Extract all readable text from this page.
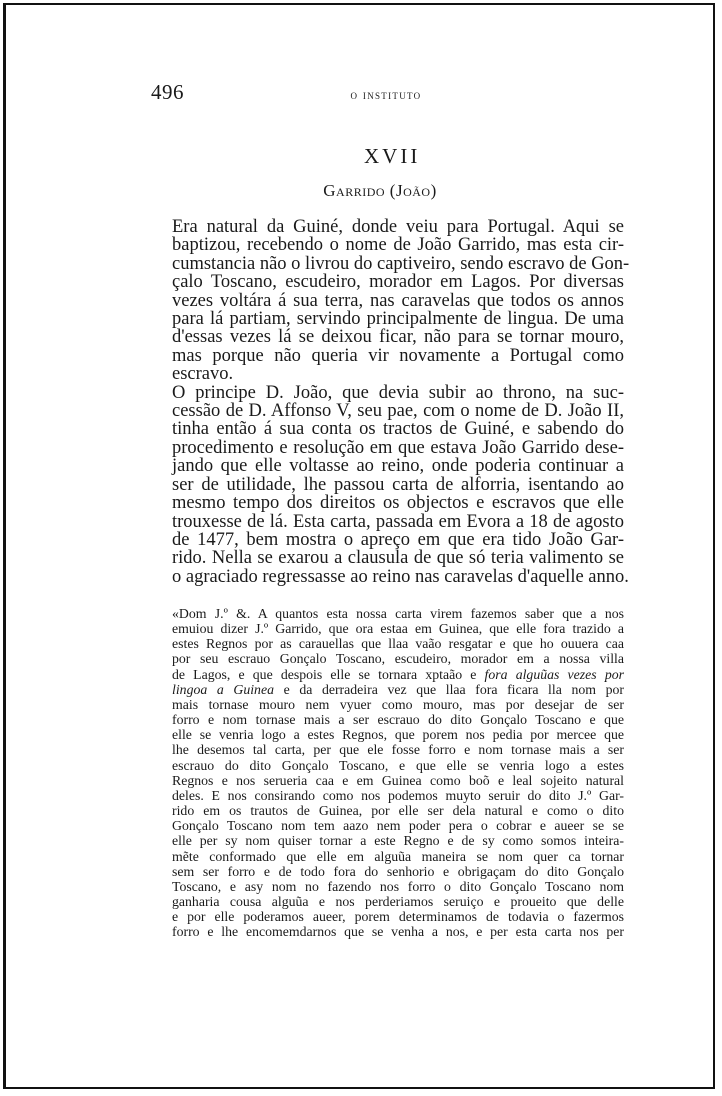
496	o instituto
XVII
Garrido (João)

Era natural da Guiné, donde veiu para Portugal. Aqui se
baptizou, recebendo o nome de João Garrido, mas esta cir-
cumstancia não o livrou do captiveiro, sendo escravo de Gon-
çalo Toscano, escudeiro, morador em Lagos. Por diversas
vezes voltára á sua terra, nas caravelas que todos os annos
para lá partiam, servindo principalmente de lingua. De uma
d'essas vezes lá se deixou ficar, não para se tornar mouro,
mas porque não queria vir novamente a Portugal como
escravo.

O principe D. João, que devia subir ao throno, na suc-
cessão de D. Affonso V, seu pae, com o nome de D. João II,
tinha então á sua conta os tractos de Guiné, e sabendo do
procedimento e resolução em que estava João Garrido dese-
jando que elle voltasse ao reino, onde poderia continuar a
ser de utilidade, lhe passou carta de alforria, isentando ao
mesmo tempo dos direitos os objectos e escravos que elle
trouxesse de lá. Esta carta, passada em Evora a 18 de agosto
de 1477, bem mostra o apreço em que era tido João Gar-
rido. Nella se exarou a clausula de que só teria valimento se
o agraciado regressasse ao reino nas caravelas d'aquelle anno.

«Dom J.º &. A quantos esta nossa carta virem fazemos saber que a nos
emuiou dizer J.º Garrido, que ora estaa em Guinea, que elle fora trazido a
estes Regnos por as carauellas que llaa vaão resgatar e que ho ouuera caa
por seu escrauo Gonçalo Toscano, escudeiro, morador em a nossa villa
de Lagos, e que despois elle se tornara xptaão e fora alguũas vezes por
lingoa a Guinea e da derradeira vez que llaa fora ficara lla nom por
mais tornase mouro nem vyuer como mouro, mas por desejar de ser
forro e nom tornase mais a ser escrauo do dito Gonçalo Toscano e que
elle se venria logo a estes Regnos, que porem nos pedia por mercee que
lhe desemos tal carta, per que ele fosse forro e nom tornase mais a ser
escrauo do dito Gonçalo Toscano, e que elle se venria logo a estes
Regnos e nos serueria caa e em Guinea como boõ e leal sojeito natural
deles. E nos consirando como nos podemos muyto seruir do dito J.º Gar-
rido em os trautos de Guinea, por elle ser dela natural e como o dito
Gonçalo Toscano nom tem aazo nem poder pera o cobrar e aueer se se
elle per sy nom quiser tornar a este Regno e de sy como somos inteira-
mẽte conformado que elle em alguũa maneira se nom quer ca tornar
sem ser forro e de todo fora do senhorio e obrigaçam do dito Gonçalo
Toscano, e asy nom no fazendo nos forro o dito Gonçalo Toscano nom
ganharia cousa alguũa e nos perderiamos seruiço e proueito que delle
e por elle poderamos aueer, porem determinamos de todavia o fazermos
forro e lhe encomemdarnos que se venha a nos, e per esta carta nos per
